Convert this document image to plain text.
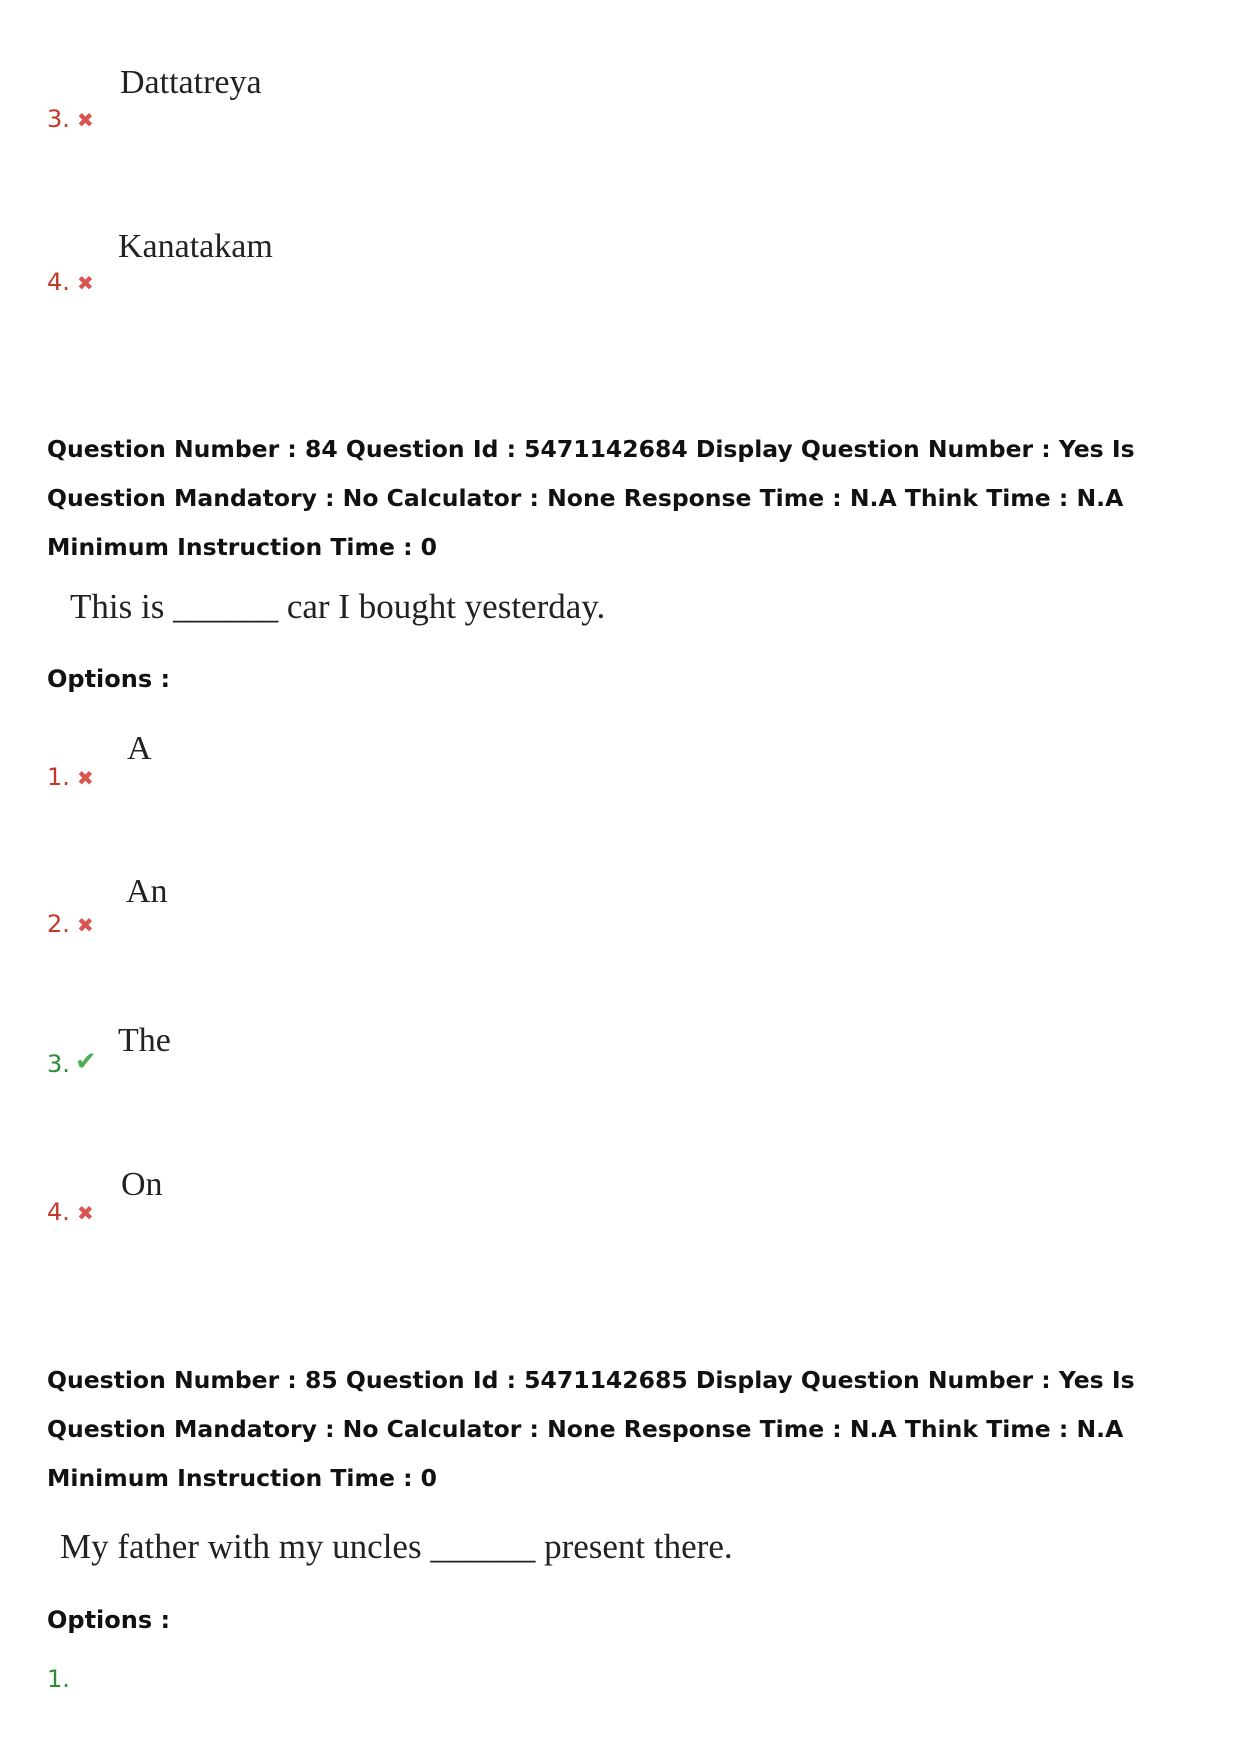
Dattatreya
3. ✖
Kanatakam
4. ✖

Question Number : 84 Question Id : 5471142684 Display Question Number : Yes Is Question Mandatory : No Calculator : None Response Time : N.A Think Time : N.A Minimum Instruction Time : 0

This is ______ car I bought yesterday.
Options :
A
1. ✖
An
2. ✖
The
3. ✔
On
4. ✖

Question Number : 85 Question Id : 5471142685 Display Question Number : Yes Is Question Mandatory : No Calculator : None Response Time : N.A Think Time : N.A Minimum Instruction Time : 0

My father with my uncles ______ present there.
Options :
1.
